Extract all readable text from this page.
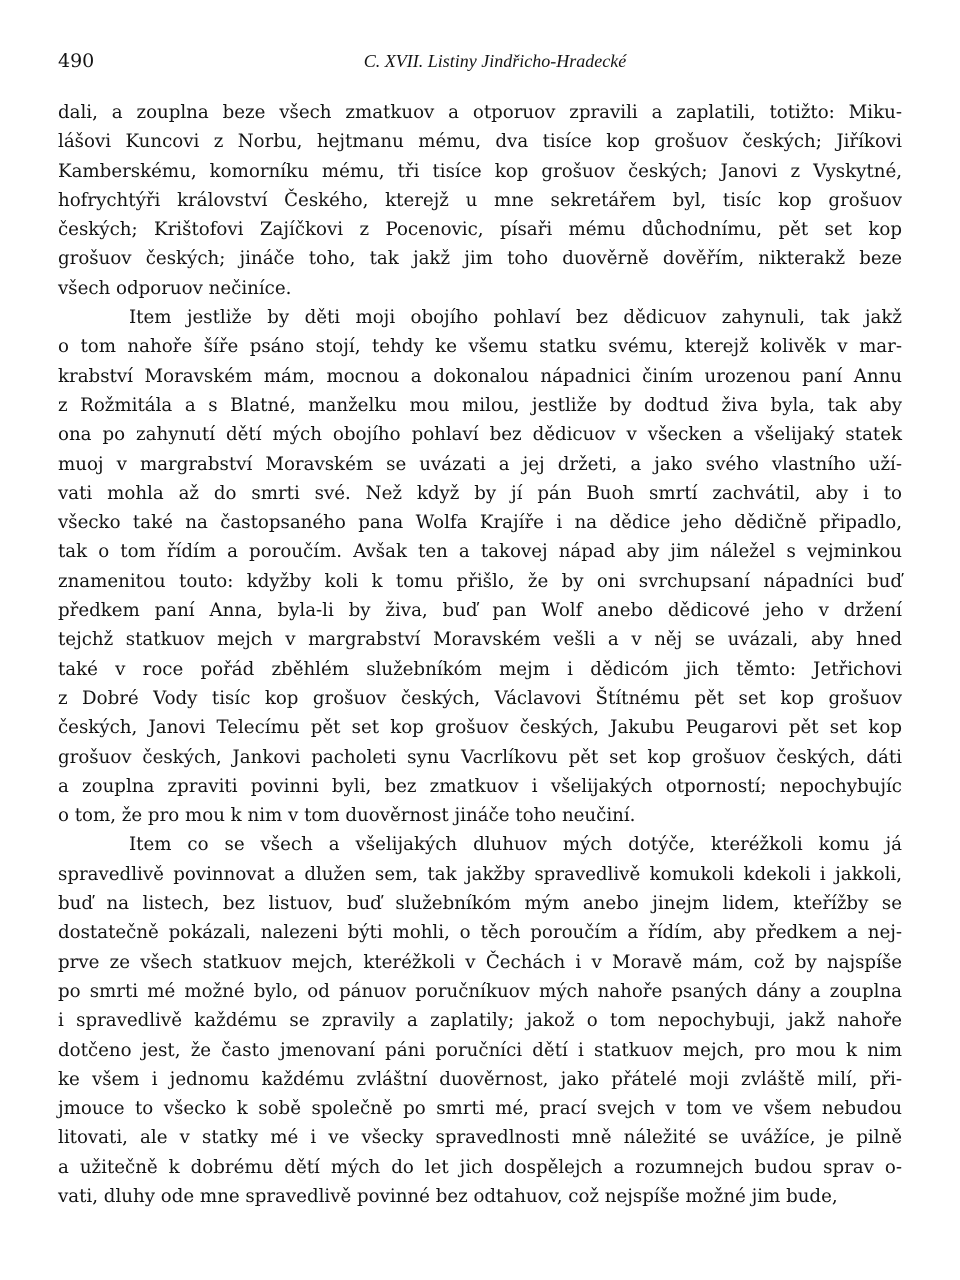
490	C. XVII. Listiny Jindřicho-Hradecké
dali, a zouplna beze všech zmatkuov a otporuov zpravili a zaplatili, totižto: Miku-
lášovi Kuncovi z Norbu, hejtmanu mému, dva tisíce kop grošuov českých; Jiříkovi
Kamberskému, komorníku mému, tři tisíce kop grošuov českých; Janovi z Vyskytné,
hofrychtýři království Českého, kterejž u mne sekretářem byl, tisíc kop grošuov
českých; Krištofovi Zajíčkovi z Pocenovic, písaři mému důchodnímu, pět set kop
grošuov českých; jináče toho, tak jakž jim toho duověrně dověřím, nikterakž beze
všech odporuov nečiníce.
Item jestliže by děti moji obojího pohlaví bez dědicuov zahynuli, tak jakž
o tom nahoře šíře psáno stojí, tehdy ke všemu statku svému, kterejž kolivěk v mar-
krabství Moravském mám, mocnou a dokonalou nápadnici činím urozenou paní Annu
z Rožmitála a s Blatné, manželku mou milou, jestliže by dodtud živa byla, tak aby
ona po zahynutí dětí mých obojího pohlaví bez dědicuov v všecken a všelijaký statek
muoj v margrabství Moravském se uvázati a jej držeti, a jako svého vlastního uží-
vati mohla až do smrti své. Než když by jí pán Buoh smrtí zachvátil, aby i to
všecko také na častopsaného pana Wolfa Krajíře i na dědice jeho dědičně připadlo,
tak o tom řídím a poroučím. Avšak ten a takovej nápad aby jim náležel s vejminkou
znamenitou touto: kdyžby koli k tomu přišlo, že by oni svrchupsaní nápadníci buď
předkem paní Anna, byla-li by živa, buď pan Wolf anebo dědicové jeho v držení
tejchž statkuov mejch v margrabství Moravském vešli a v něj se uvázali, aby hned
také v roce pořád zběhlém služebníkóm mejm i dědicóm jich těmto: Jetřichovi
z Dobré Vody tisíc kop grošuov českých, Václavovi Štítnému pět set kop grošuov
českých, Janovi Telecímu pět set kop grošuov českých, Jakubu Peugarovi pět set kop
grošuov českých, Jankovi pacholeti synu Vacrlíkovu pět set kop grošuov českých, dáti
a zouplna zpraviti povinni byli, bez zmatkuov i všelijakých otporností; nepochybujíc
o tom, že pro mou k nim v tom duověrnost jináče toho neučiní.
Item co se všech a všelijakých dluhuov mých dotýče, kteréžkoli komu já
spravedlivě povinnovat a dlužen sem, tak jakžby spravedlivě komukoli kdekoli i jakkoli,
buď na listech, bez listuov, buď služebníkóm mým anebo jinejm lidem, kteřížby se
dostatečně pokázali, nalezeni býti mohli, o těch poroučím a řídím, aby předkem a nej-
prve ze všech statkuov mejch, kteréžkoli v Čechách i v Moravě mám, což by najspíše
po smrti mé možné bylo, od pánuov poručníkuov mých nahoře psaných dány a zouplna
i spravedlivě každému se zpravily a zaplatily; jakož o tom nepochybuji, jakž nahoře
dotčeno jest, že často jmenovaní páni poručníci dětí i statkuov mejch, pro mou k nim
ke všem i jednomu každému zvláštní duověrnost, jako přátelé moji zvláště milí, při-
jmouce to všecko k sobě společně po smrti mé, prací svejch v tom ve všem nebudou
litovati, ale v statky mé i ve všecky spravedlnosti mně náležité se uvážíce, je pilně
a užitečně k dobrému dětí mých do let jich dospělejch a rozumnejch budou sprav o-
vati, dluhy ode mne spravedlivě povinné bez odtahuov, což nejspíše možné jim bude,
